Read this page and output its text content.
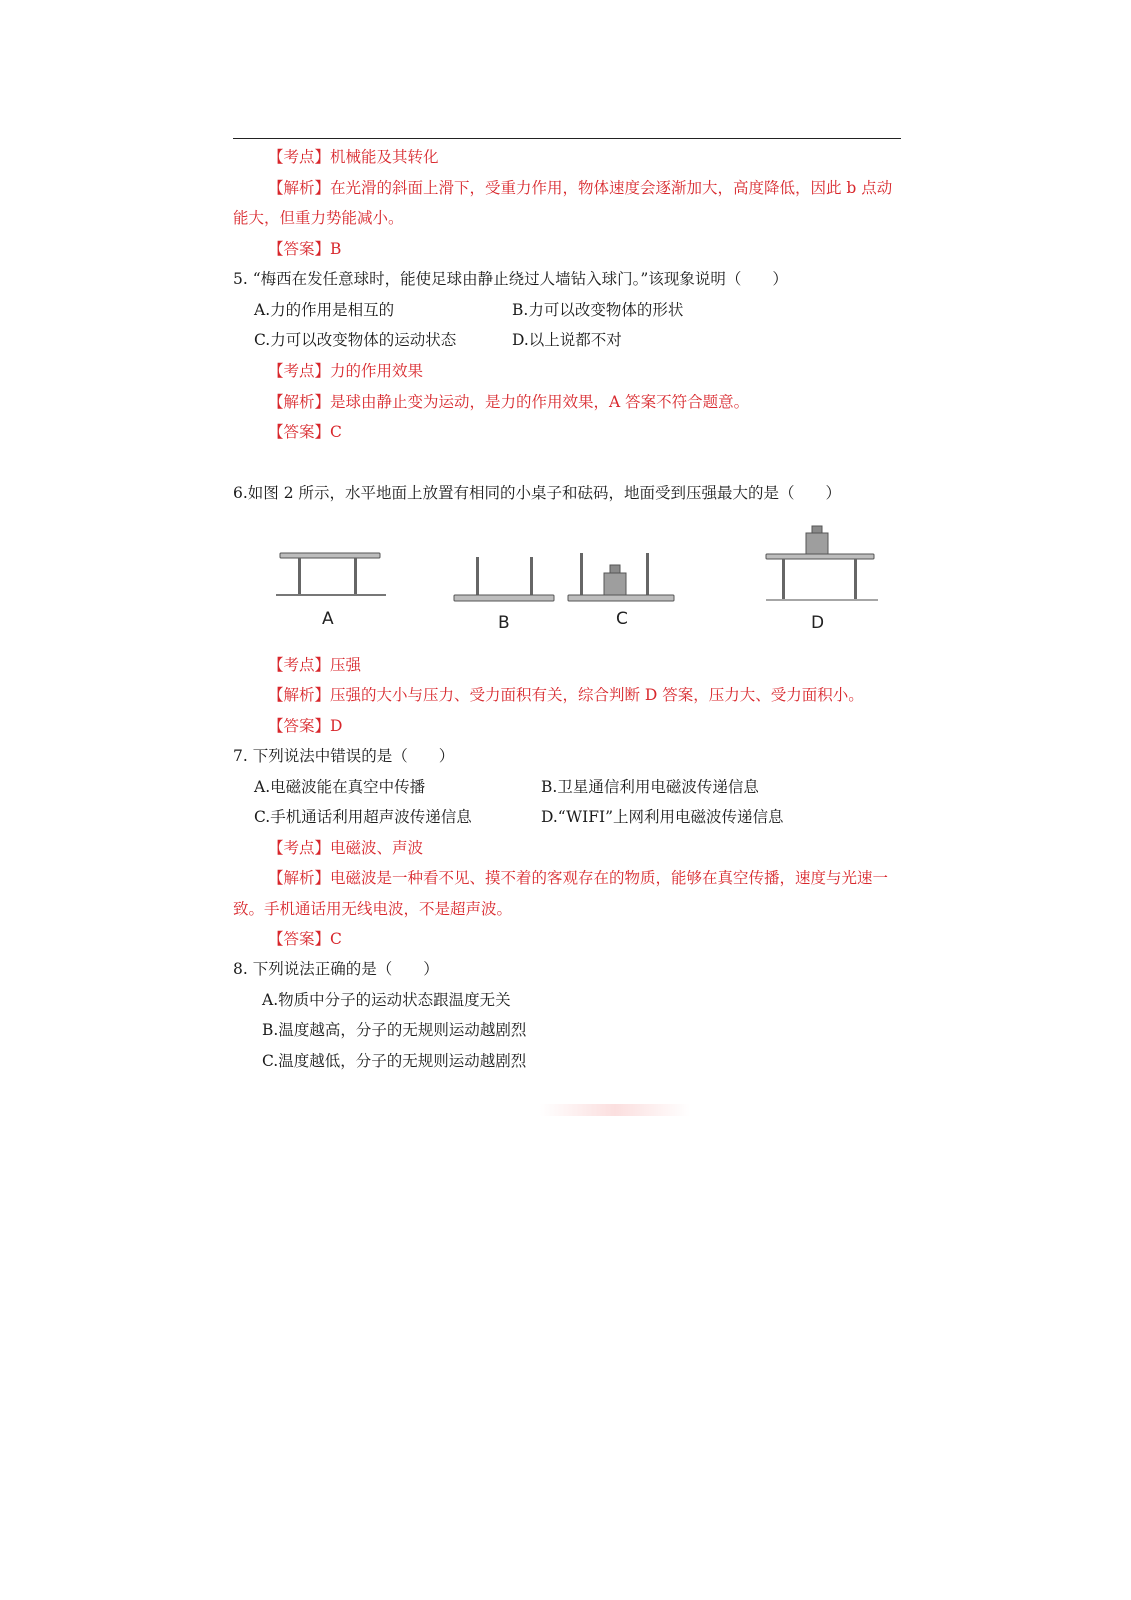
【考点】机械能及其转化
【解析】在光滑的斜面上滑下，受重力作用，物体速度会逐渐加大，高度降低，因此 b 点动
能大，但重力势能减小。
【答案】B
5. “梅西在发任意球时，能使足球由静止绕过人墙钻入球门。”该现象说明（　　）
A.力的作用是相互的	B.力可以改变物体的形状
C.力可以改变物体的运动状态	D.以上说都不对
【考点】力的作用效果
【解析】是球由静止变为运动，是力的作用效果，A 答案不符合题意。
【答案】C
6.如图 2 所示，水平地面上放置有相同的小桌子和砝码，地面受到压强最大的是（　　）
A	B	C	D
【考点】压强
【解析】压强的大小与压力、受力面积有关，综合判断 D 答案，压力大、受力面积小。
【答案】D
7. 下列说法中错误的是（　　）
A.电磁波能在真空中传播	B.卫星通信利用电磁波传递信息
C.手机通话利用超声波传递信息	D.“WIFI”上网利用电磁波传递信息
【考点】电磁波、声波
【解析】电磁波是一种看不见、摸不着的客观存在的物质，能够在真空传播，速度与光速一
致。手机通话用无线电波，不是超声波。
【答案】C
8. 下列说法正确的是（　　）
A.物质中分子的运动状态跟温度无关
B.温度越高，分子的无规则运动越剧烈
C.温度越低，分子的无规则运动越剧烈
